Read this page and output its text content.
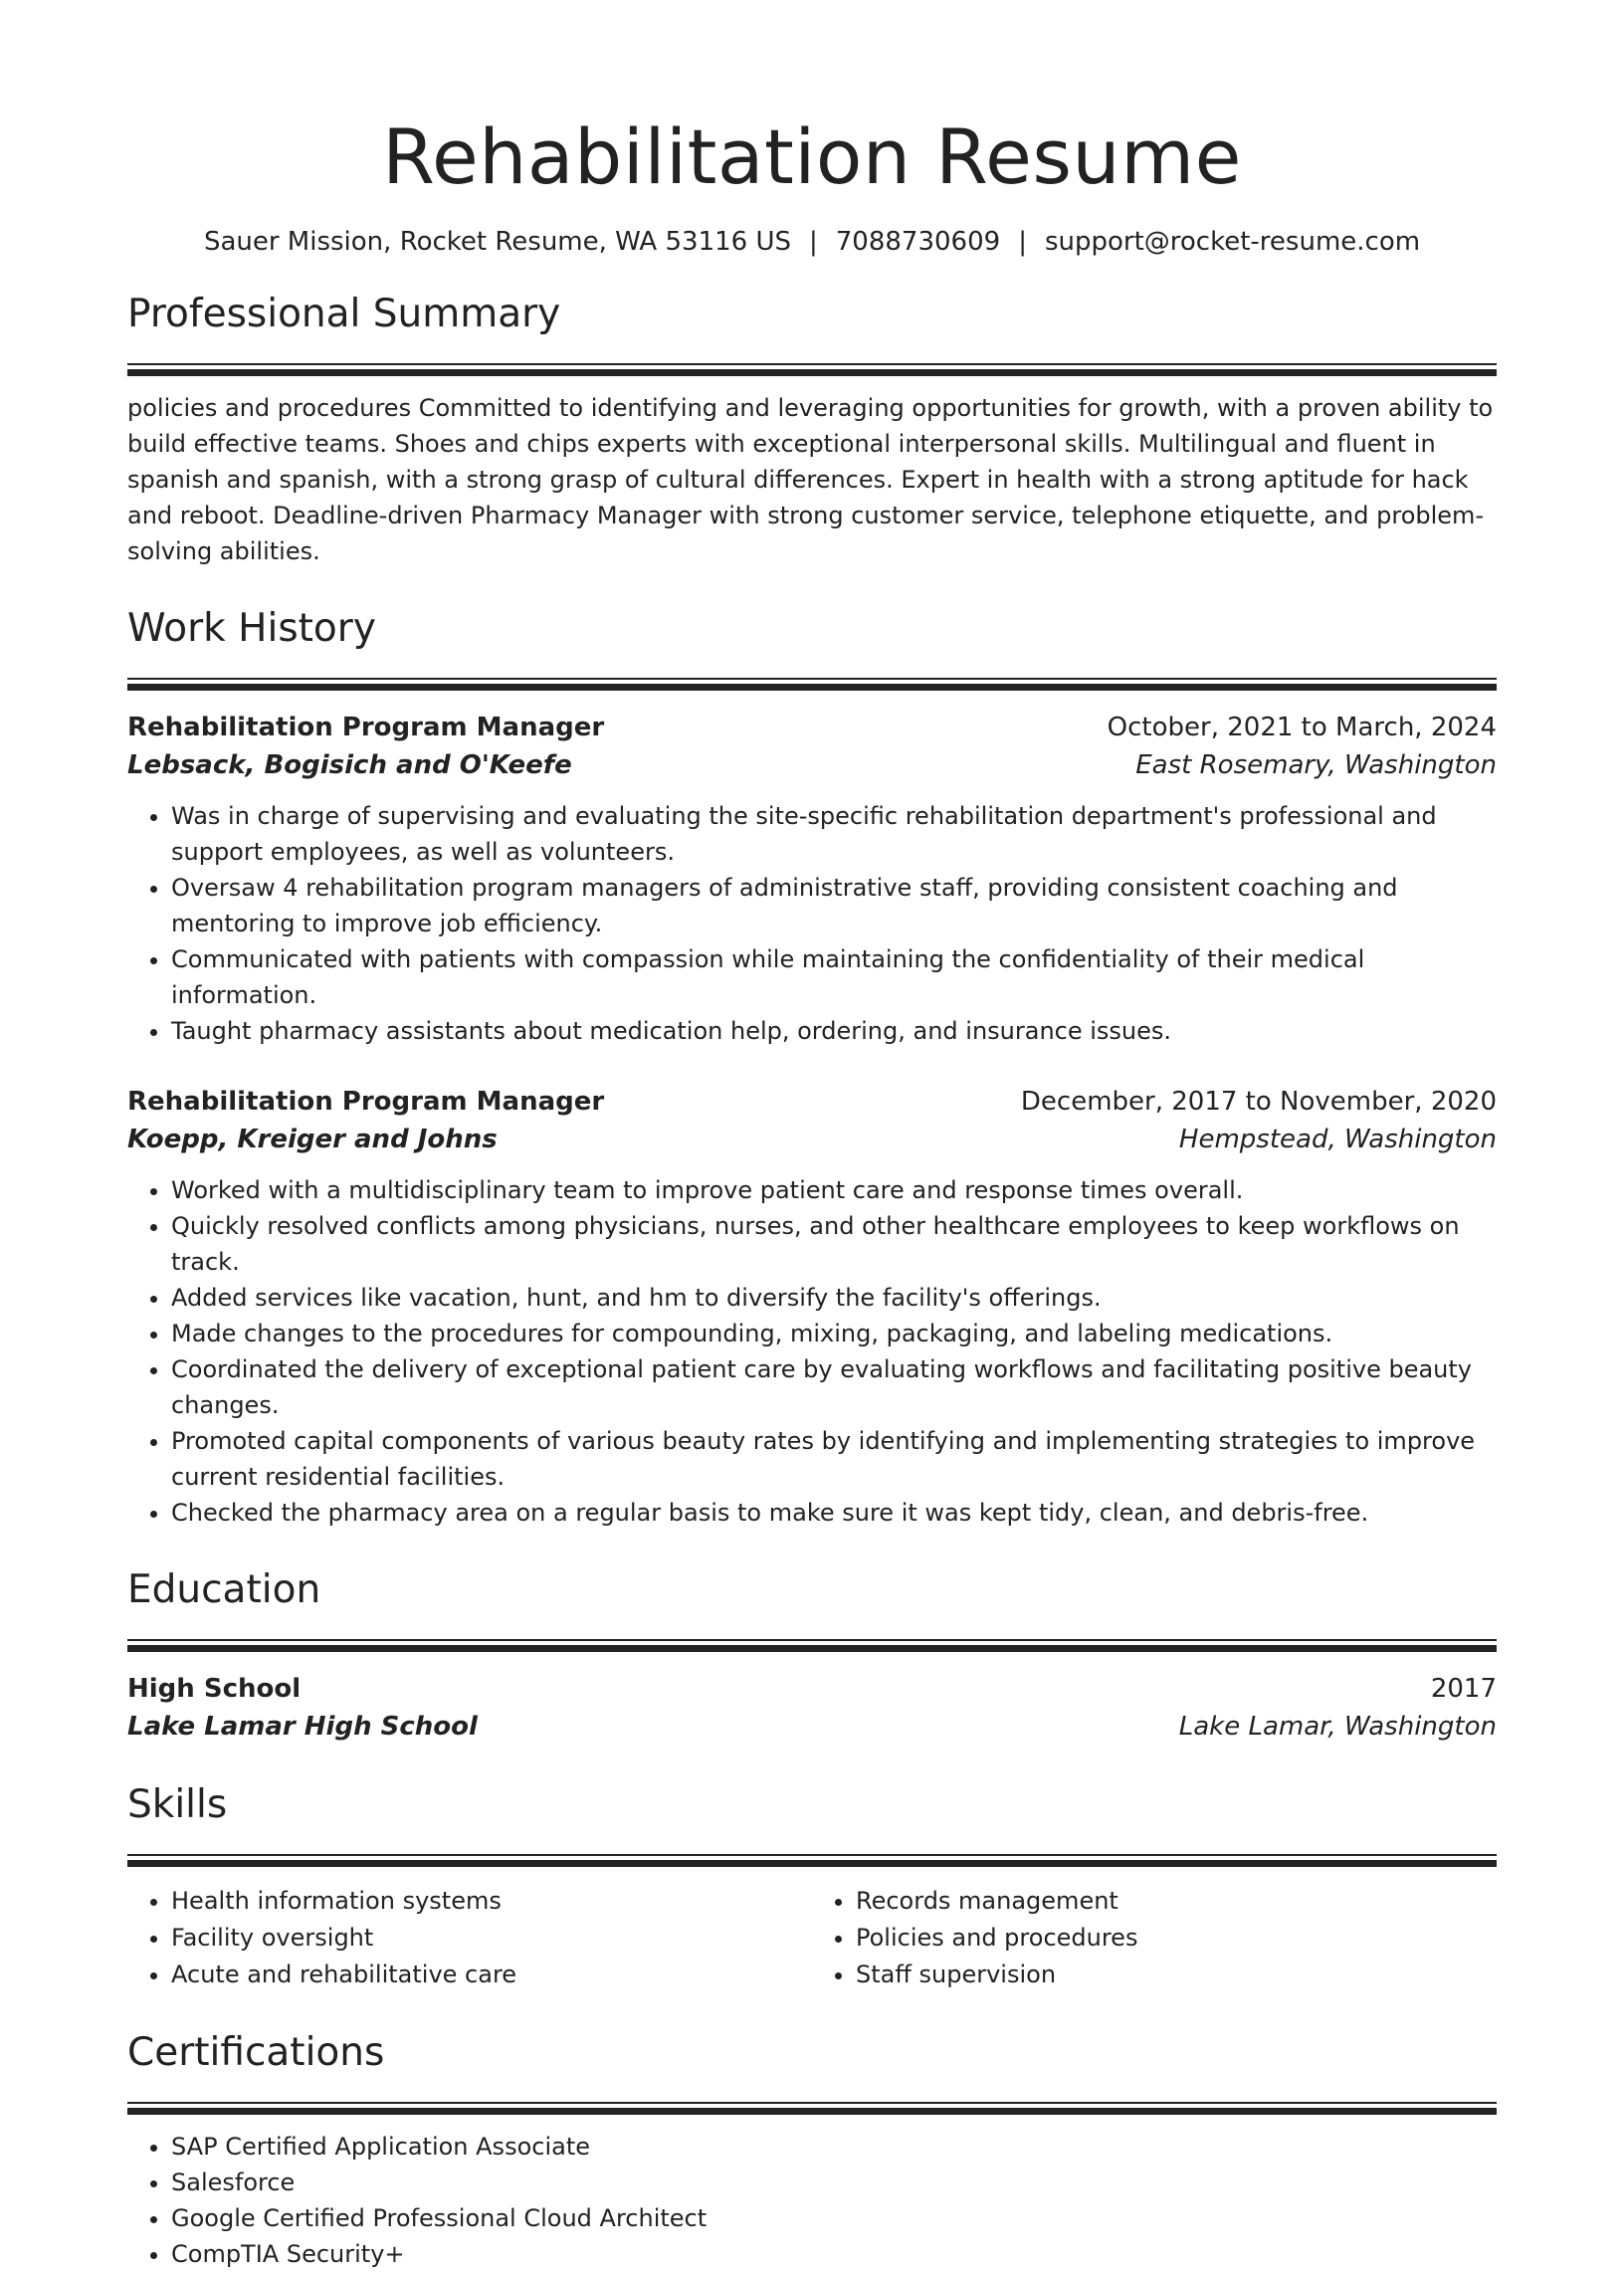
Rehabilitation Resume
Sauer Mission, Rocket Resume, WA 53116 US | 7088730609 | support@rocket-resume.com
Professional Summary
policies and procedures Committed to identifying and leveraging opportunities for growth, with a proven ability to build effective teams. Shoes and chips experts with exceptional interpersonal skills. Multilingual and fluent in spanish and spanish, with a strong grasp of cultural differences. Expert in health with a strong aptitude for hack and reboot. Deadline-driven Pharmacy Manager with strong customer service, telephone etiquette, and problem-solving abilities.
Work History
Rehabilitation Program Manager	October, 2021 to March, 2024
Lebsack, Bogisich and O'Keefe	East Rosemary, Washington
• Was in charge of supervising and evaluating the site-specific rehabilitation department's professional and support employees, as well as volunteers.
• Oversaw 4 rehabilitation program managers of administrative staff, providing consistent coaching and mentoring to improve job efficiency.
• Communicated with patients with compassion while maintaining the confidentiality of their medical information.
• Taught pharmacy assistants about medication help, ordering, and insurance issues.
Rehabilitation Program Manager	December, 2017 to November, 2020
Koepp, Kreiger and Johns	Hempstead, Washington
• Worked with a multidisciplinary team to improve patient care and response times overall.
• Quickly resolved conflicts among physicians, nurses, and other healthcare employees to keep workflows on track.
• Added services like vacation, hunt, and hm to diversify the facility's offerings.
• Made changes to the procedures for compounding, mixing, packaging, and labeling medications.
• Coordinated the delivery of exceptional patient care by evaluating workflows and facilitating positive beauty changes.
• Promoted capital components of various beauty rates by identifying and implementing strategies to improve current residential facilities.
• Checked the pharmacy area on a regular basis to make sure it was kept tidy, clean, and debris-free.
Education
High School	2017
Lake Lamar High School	Lake Lamar, Washington
Skills
• Health information systems
• Facility oversight
• Acute and rehabilitative care
• Records management
• Policies and procedures
• Staff supervision
Certifications
• SAP Certified Application Associate
• Salesforce
• Google Certified Professional Cloud Architect
• CompTIA Security+
